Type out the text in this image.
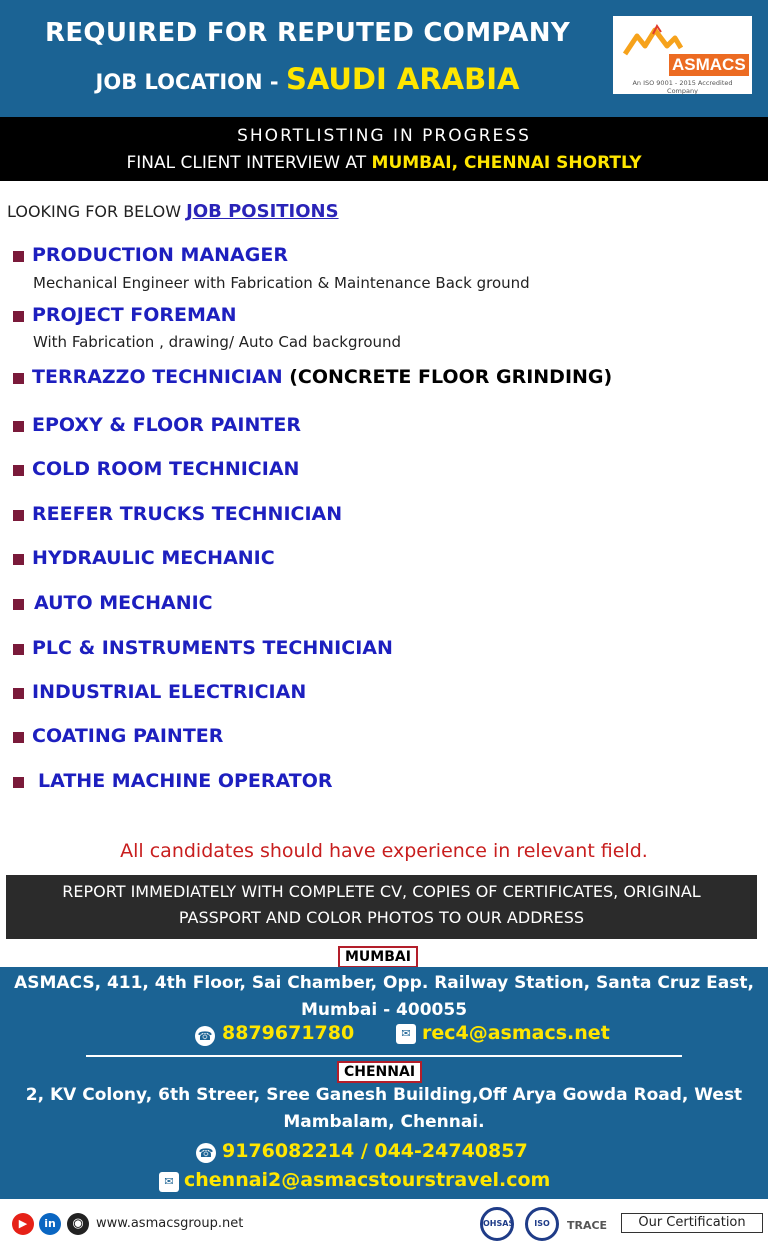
REQUIRED FOR REPUTED COMPANY
JOB LOCATION - SAUDI ARABIA	ASMACS
An ISO 9001 - 2015 Accredited Company
SHORTLISTING IN PROGRESS
FINAL CLIENT INTERVIEW AT MUMBAI, CHENNAI SHORTLY
LOOKING FOR BELOW JOB POSITIONS
PRODUCTION MANAGER
Mechanical Engineer with Fabrication & Maintenance Back ground
PROJECT FOREMAN
With Fabrication , drawing/ Auto Cad background
TERRAZZO TECHNICIAN (CONCRETE FLOOR GRINDING)
EPOXY & FLOOR PAINTER
COLD ROOM TECHNICIAN
REEFER TRUCKS TECHNICIAN
HYDRAULIC MECHANIC
AUTO MECHANIC
PLC & INSTRUMENTS TECHNICIAN
INDUSTRIAL ELECTRICIAN
COATING PAINTER
LATHE MACHINE OPERATOR
All candidates should have experience in relevant field.
REPORT IMMEDIATELY WITH COMPLETE CV, COPIES OF CERTIFICATES, ORIGINAL
PASSPORT AND COLOR PHOTOS TO OUR ADDRESS
MUMBAI
ASMACS, 411, 4th Floor, Sai Chamber, Opp. Railway Station, Santa Cruz East,
Mumbai - 400055
☎ 8879671780	✉ rec4@asmacs.net
CHENNAI
2, KV Colony, 6th Streer, Sree Ganesh Building,Off Arya Gowda Road, West
Mambalam, Chennai.
☎ 9176082214 / 044-24740857
✉ chennai2@asmacstourstravel.com
▶	in	◉ www.asmacsgroup.net	OHSAS	ISO	TRACE	Our Certification
